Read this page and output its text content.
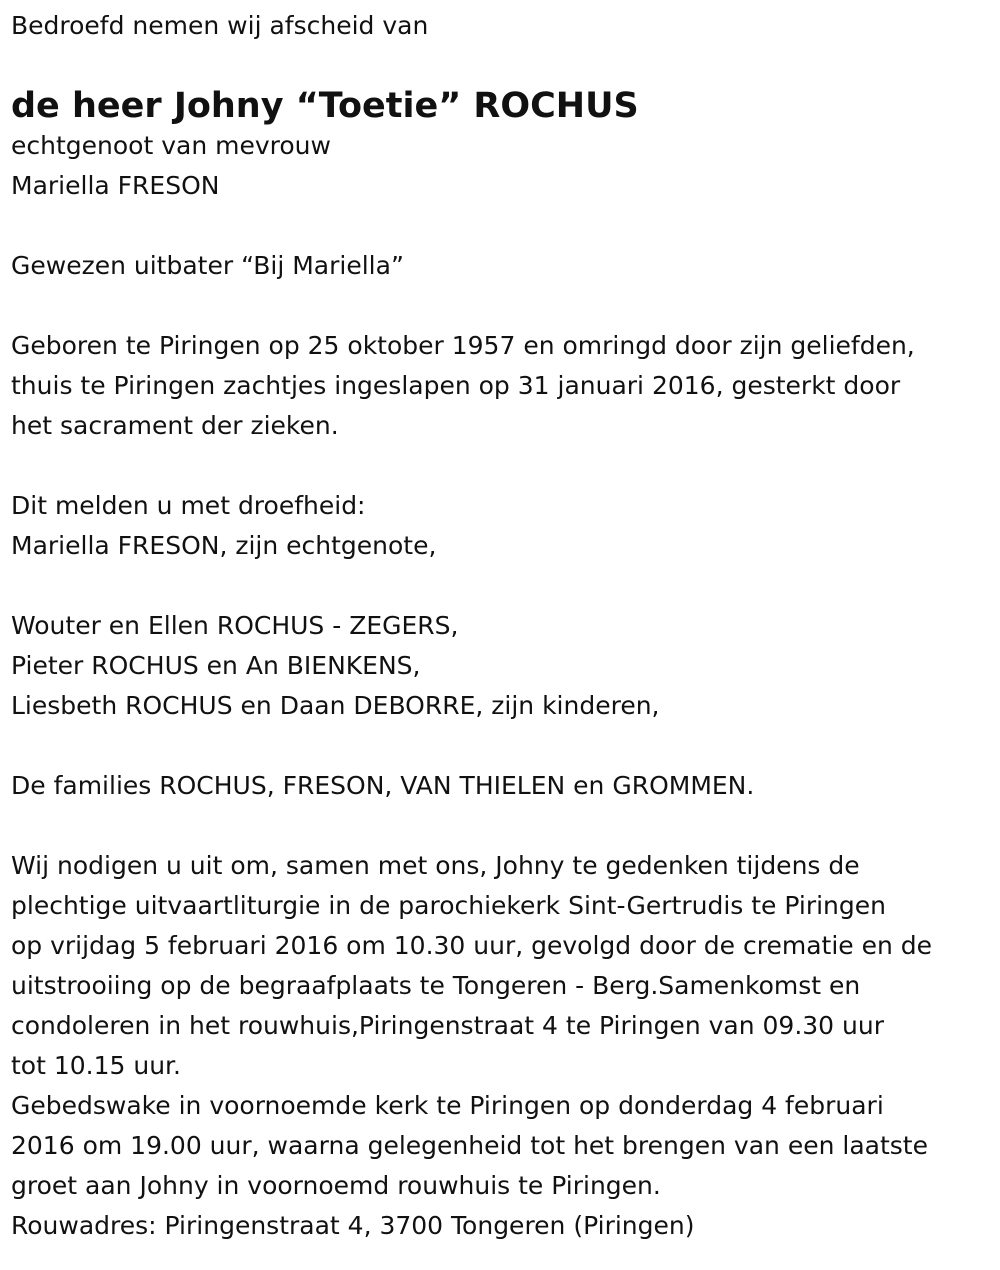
Bedroefd nemen wij afscheid van
de heer Johny “Toetie” ROCHUS
echtgenoot van mevrouw
Mariella FRESON
Gewezen uitbater “Bij Mariella”
Geboren te Piringen op 25 oktober 1957 en omringd door zijn geliefden,
thuis te Piringen zachtjes ingeslapen op 31 januari 2016, gesterkt door
het sacrament der zieken.
Dit melden u met droefheid:
Mariella FRESON, zijn echtgenote,
Wouter en Ellen ROCHUS - ZEGERS,
Pieter ROCHUS en An BIENKENS,
Liesbeth ROCHUS en Daan DEBORRE, zijn kinderen,
De families ROCHUS, FRESON, VAN THIELEN en GROMMEN.
Wij nodigen u uit om, samen met ons, Johny te gedenken tijdens de
plechtige uitvaartliturgie in de parochiekerk Sint-Gertrudis te Piringen
op vrijdag 5 februari 2016 om 10.30 uur, gevolgd door de crematie en de
uitstrooiing op de begraafplaats te Tongeren - Berg.Samenkomst en
condoleren in het rouwhuis,Piringenstraat 4 te Piringen van 09.30 uur
tot 10.15 uur.
Gebedswake in voornoemde kerk te Piringen op donderdag 4 februari
2016 om 19.00 uur, waarna gelegenheid tot het brengen van een laatste
groet aan Johny in voornoemd rouwhuis te Piringen.
Rouwadres: Piringenstraat 4, 3700 Tongeren (Piringen)
